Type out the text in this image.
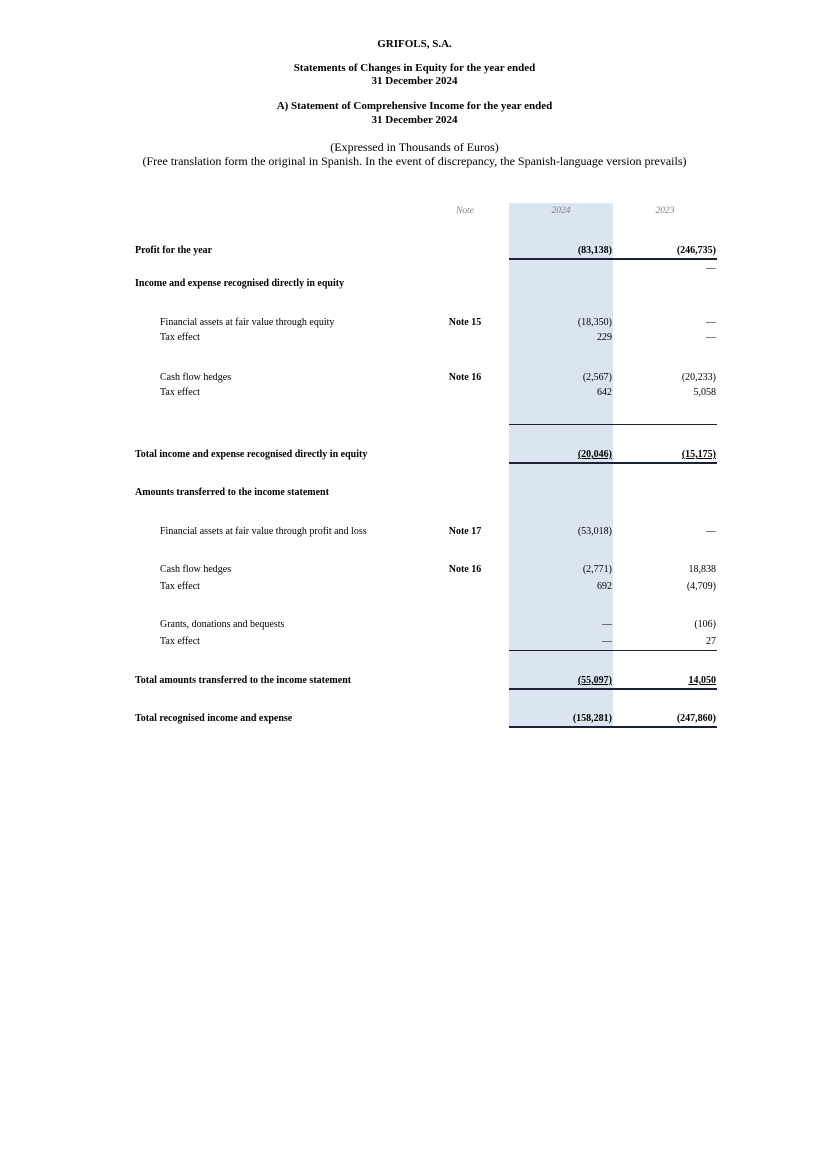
GRIFOLS, S.A.
Statements of Changes in Equity for the year ended
31 December 2024
A) Statement of Comprehensive Income for the year ended
31 December 2024
(Expressed in Thousands of Euros)
(Free translation form the original in Spanish. In the event of discrepancy, the Spanish-language version prevails)
Note	2024	2023
Profit for the year	(83,138)	(246,735)
—
Income and expense recognised directly in equity
Financial assets at fair value through equity	Note 15	(18,350)	—
Tax effect	229	—
Cash flow hedges	Note 16	(2,567)	(20,233)
Tax effect	642	5,058
Total income and expense recognised directly in equity	(20,046)	(15,175)
Amounts transferred to the income statement
Financial assets at fair value through profit and loss	Note 17	(53,018)	—
Cash flow hedges	Note 16	(2,771)	18,838
Tax effect	692	(4,709)
Grants, donations and bequests	—	(106)
Tax effect	—	27
Total amounts transferred to the income statement	(55,097)	14,050
Total recognised income and expense	(158,281)	(247,860)
